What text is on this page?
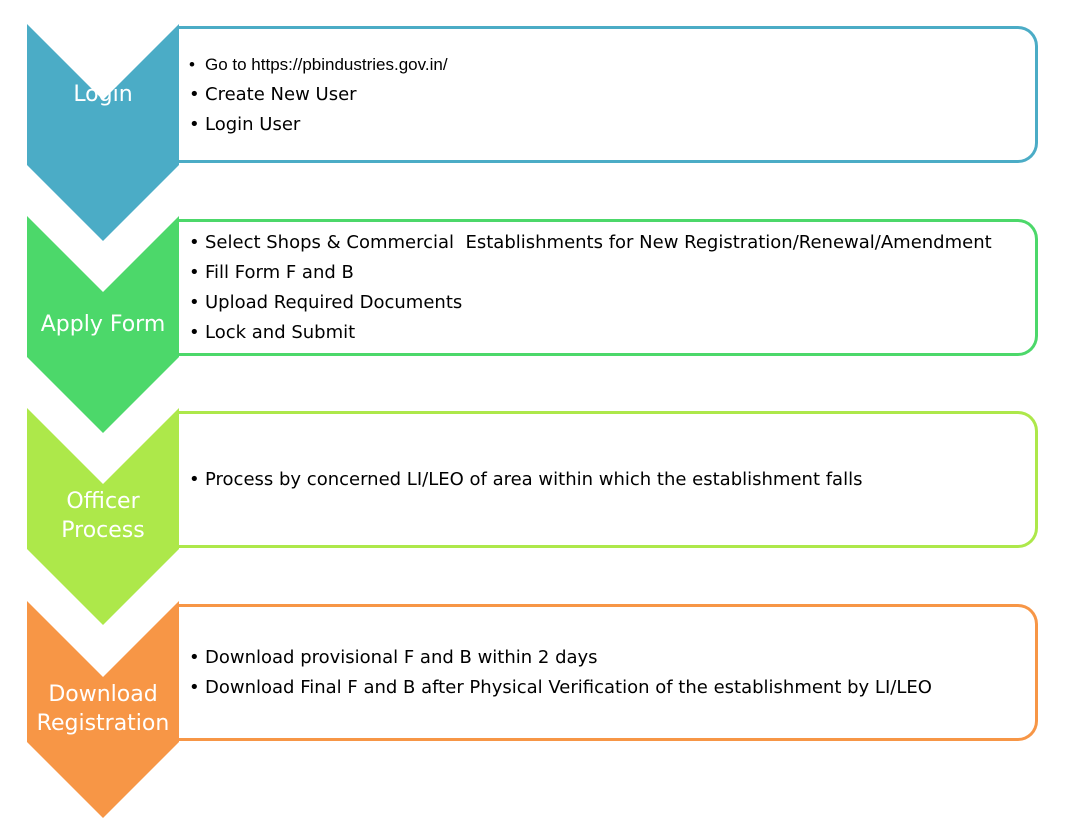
• Go to https://pbindustries.gov.in/
• Create New User
• Login User
Login
• Select Shops & Commercial  Establishments for New Registration/Renewal/Amendment
• Fill Form F and B
• Upload Required Documents
• Lock and Submit
Apply Form
• Process by concerned LI/LEO of area within which the establishment falls
Officer
Process
• Download provisional F and B within 2 days
• Download Final F and B after Physical Verification of the establishment by LI/LEO
Download
Registration
